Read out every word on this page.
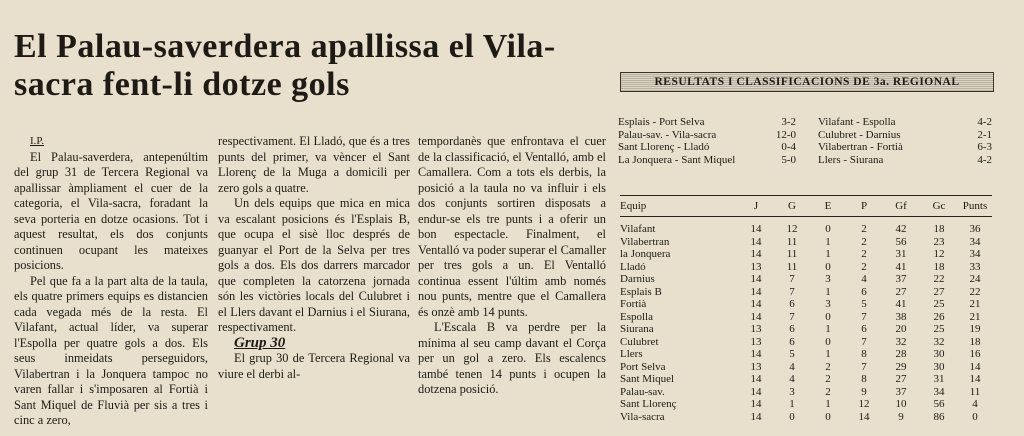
El Palau-saverdera apallissa el Vila-sacra fent-li dotze gols

I.P.

El Palau-saverdera, antepenúltim del grup 31 de Tercera Regional va apallissar àmpliament el cuer de la categoria, el Vila-sacra, foradant la seva porteria en dotze ocasions. Tot i aquest resultat, els dos conjunts continuen ocupant les mateixes posicions.

Pel que fa a la part alta de la taula, els quatre primers equips es distancien cada vegada més de la resta. El Vilafant, actual líder, va superar l'Espolla per quatre gols a dos. Els seus inmeidats perseguidors, Vilabertran i la Jonquera tampoc no varen fallar i s'imposaren al Fortià i Sant Miquel de Fluvià per sis a tres i cinc a zero,

respectivament. El Lladó, que és a tres punts del primer, va vèncer el Sant Llorenç de la Muga a domicili per zero gols a quatre.

Un dels equips que mica en mica va escalant posicions és l'Esplais B, que ocupa el sisè lloc després de guanyar el Port de la Selva per tres gols a dos. Els dos darrers marcador que completen la catorzena jornada són les victòries locals del Culubret i el Llers davant el Darnius i el Siurana, respectivament.

Grup 30

El grup 30 de Tercera Regional va viure el derbi al-

tempordanès que enfrontava el cuer de la classificació, el Ventalló, amb el Camallera. Com a tots els derbis, la posició a la taula no va influir i els dos conjunts sortiren disposats a endur-se els tre punts i a oferir un bon espectacle. Finalment, el Ventalló va poder superar el Camaller per tres gols a un. El Ventalló continua essent l'últim amb només nou punts, mentre que el Camallera és onzè amb 14 punts.

L'Escala B va perdre per la mínima al seu camp davant el Corça per un gol a zero. Els escalencs també tenen 14 punts i ocupen la dotzena posició.

RESULTATS I CLASSIFICACIONS DE 3a. REGIONAL
Esplais - Port Selva	3-2
Palau-sav. - Vila-sacra	12-0
Sant Llorenç - Lladó	0-4
La Jonquera - Sant Miquel	5-0
Vilafant - Espolla	4-2
Culubret - Darnius	2-1
Vilabertran - Fortià	6-3
Llers - Siurana	4-2
Equip	J	G	E	P	Gf	Gc	Punts
Vilafant	14	12	0	2	42	18	36
Vilabertran	14	11	1	2	56	23	34
la Jonquera	14	11	1	2	31	12	34
Lladó	13	11	0	2	41	18	33
Darnius	14	7	3	4	37	22	24
Esplais B	14	7	1	6	27	27	22
Fortià	14	6	3	5	41	25	21
Espolla	14	7	0	7	38	26	21
Siurana	13	6	1	6	20	25	19
Culubret	13	6	0	7	32	32	18
Llers	14	5	1	8	28	30	16
Port Selva	13	4	2	7	29	30	14
Sant Miquel	14	4	2	8	27	31	14
Palau-sav.	14	3	2	9	37	34	11
Sant Llorenç	14	1	1	12	10	56	4
Vila-sacra	14	0	0	14	9	86	0
